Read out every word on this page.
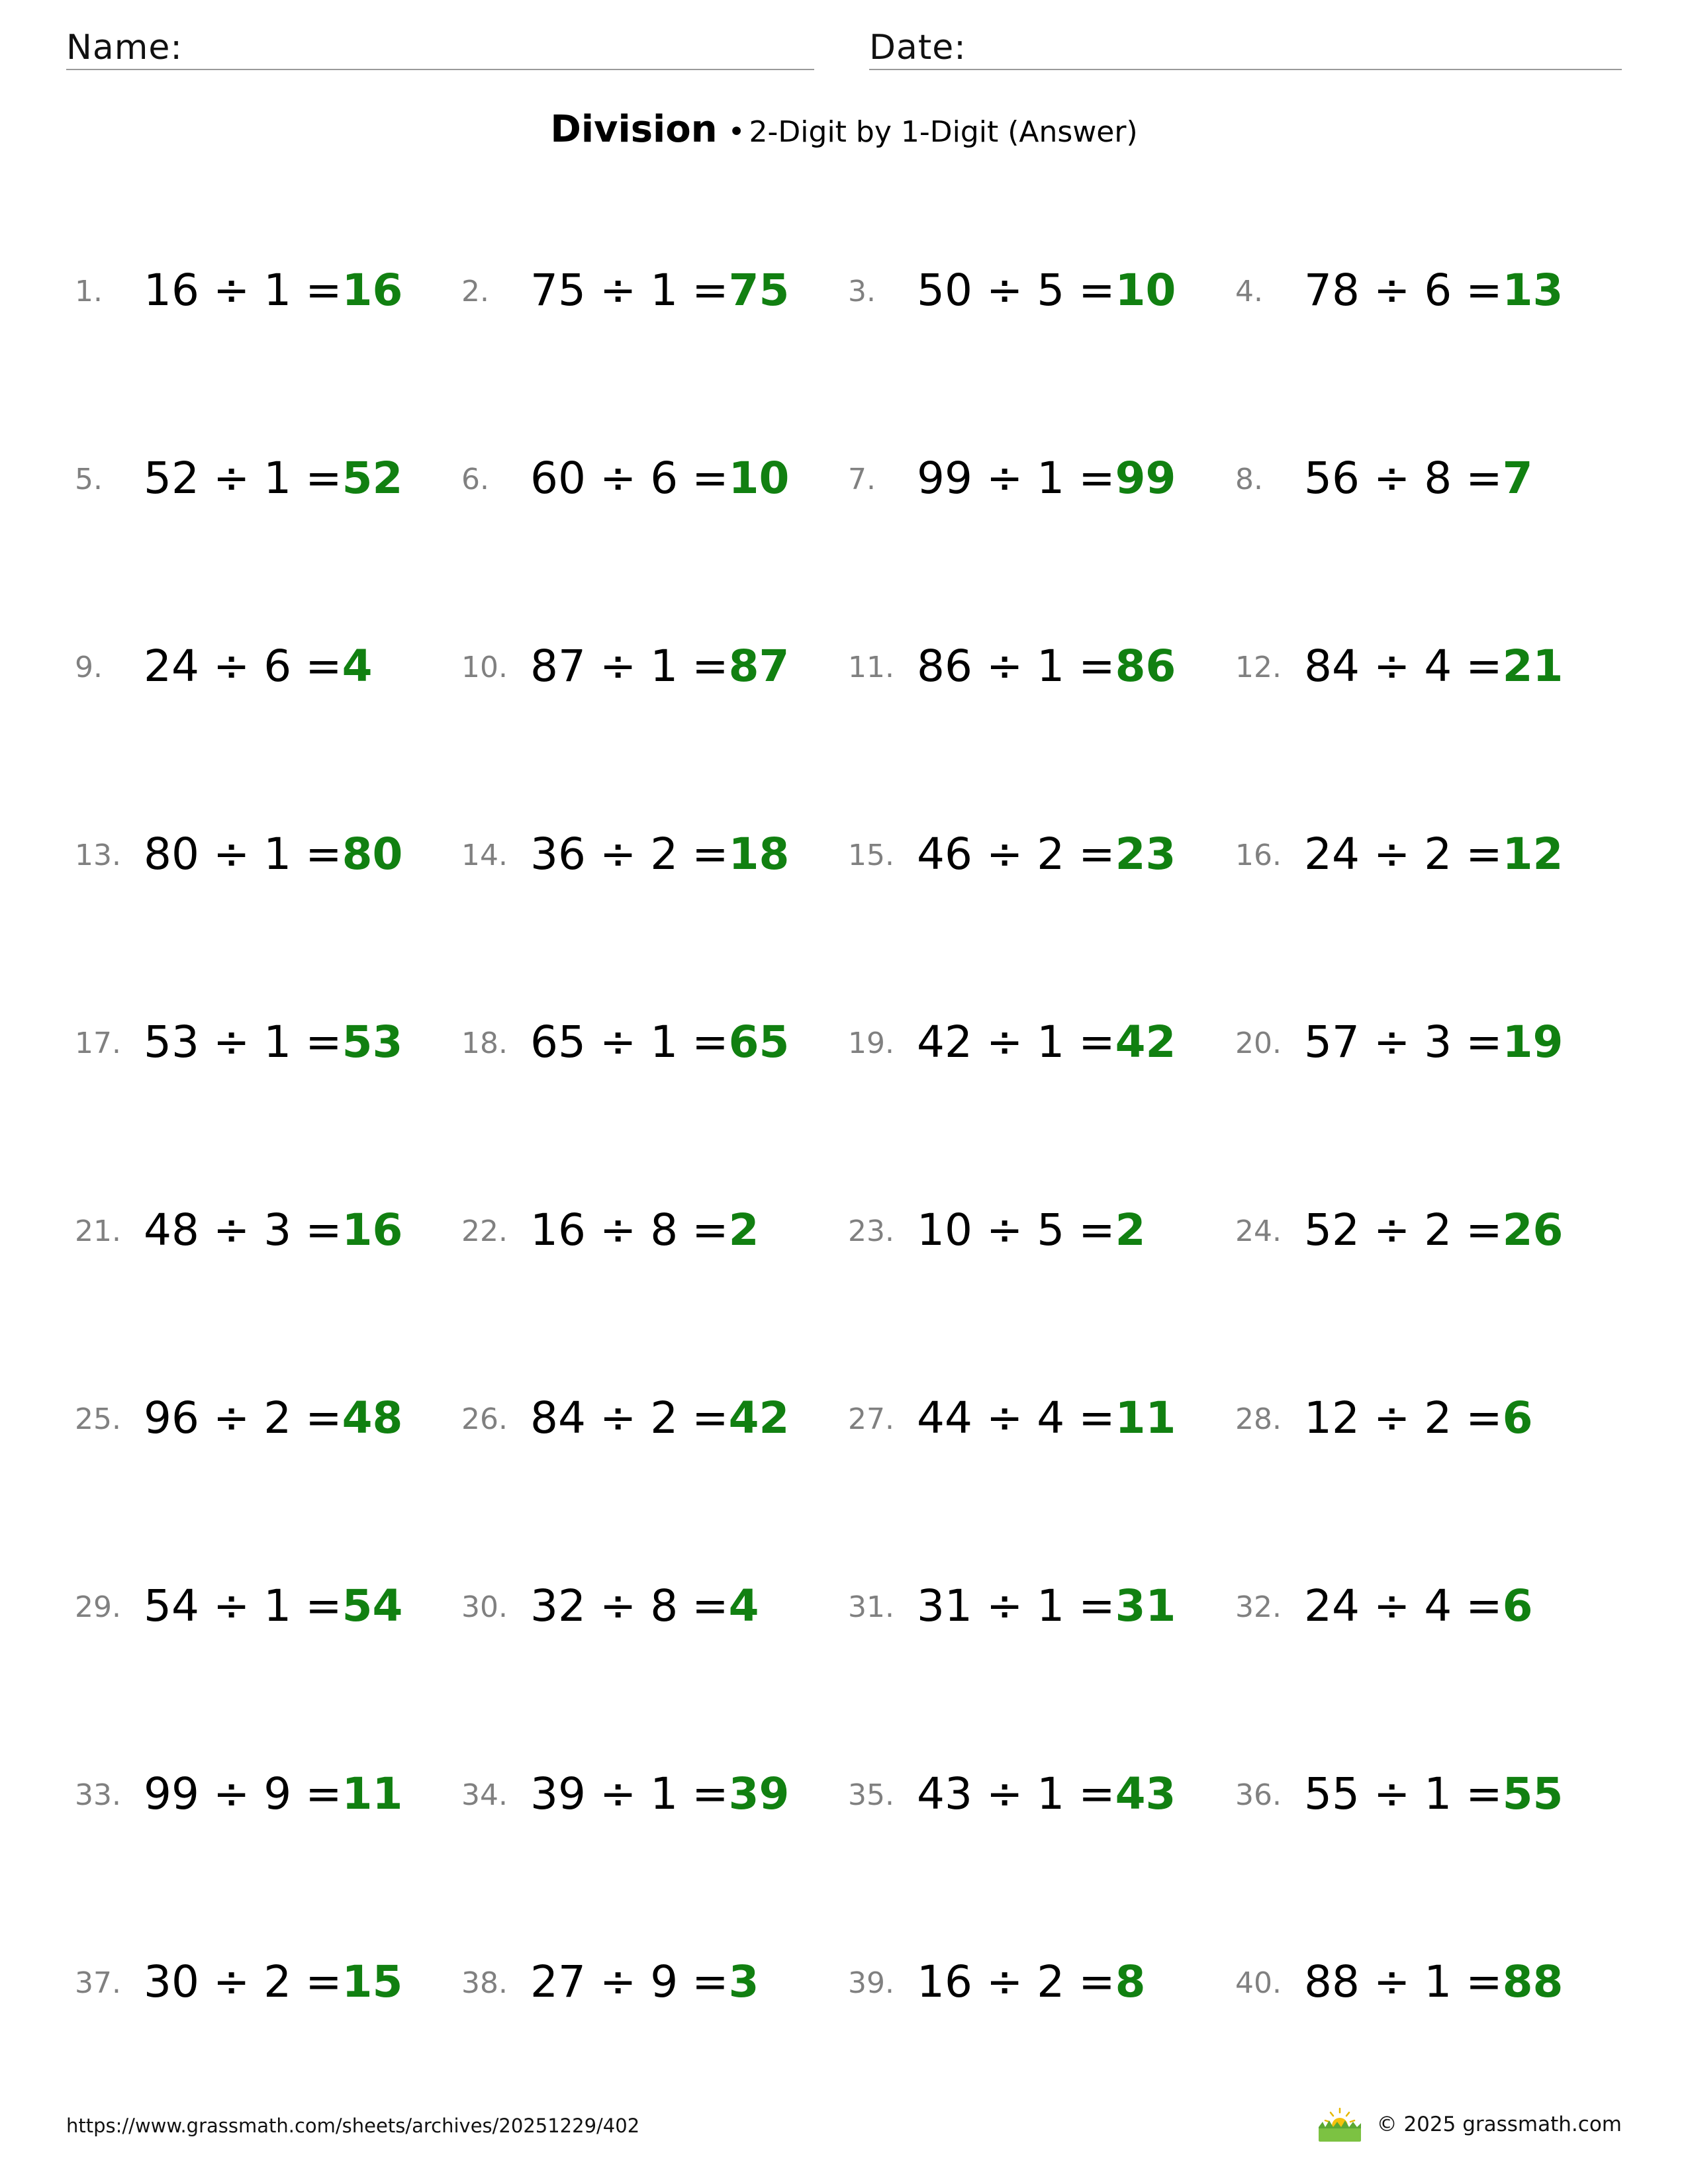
Name:	Date:
Division • 2-Digit by 1-Digit (Answer)
1. 16 ÷ 1 =16 2. 75 ÷ 1 =75 3. 50 ÷ 5 =10 4. 78 ÷ 6 =13
5. 52 ÷ 1 =52 6. 60 ÷ 6 =10 7. 99 ÷ 1 =99 8. 56 ÷ 8 =7
9. 24 ÷ 6 =4	10. 87 ÷ 1 =87 11. 86 ÷ 1 =86 12. 84 ÷ 4 =21
13. 80 ÷ 1 =80 14. 36 ÷ 2 =18 15. 46 ÷ 2 =23 16. 24 ÷ 2 =12
17. 53 ÷ 1 =53 18. 65 ÷ 1 =65 19. 42 ÷ 1 =42 20. 57 ÷ 3 =19
21. 48 ÷ 3 =16 22. 16 ÷ 8 =2	23. 10 ÷ 5 =2	24. 52 ÷ 2 =26
25. 96 ÷ 2 =48 26. 84 ÷ 2 =42 27. 44 ÷ 4 =11 28. 12 ÷ 2 =6
29. 54 ÷ 1 =54 30. 32 ÷ 8 =4	31. 31 ÷ 1 =31 32. 24 ÷ 4 =6
33. 99 ÷ 9 =11 34. 39 ÷ 1 =39 35. 43 ÷ 1 =43 36. 55 ÷ 1 =55
37. 30 ÷ 2 =15 38. 27 ÷ 9 =3	39. 16 ÷ 2 =8	40. 88 ÷ 1 =88
https://www.grassmath.com/sheets/archives/20251229/402	© 2025 grassmath.com
